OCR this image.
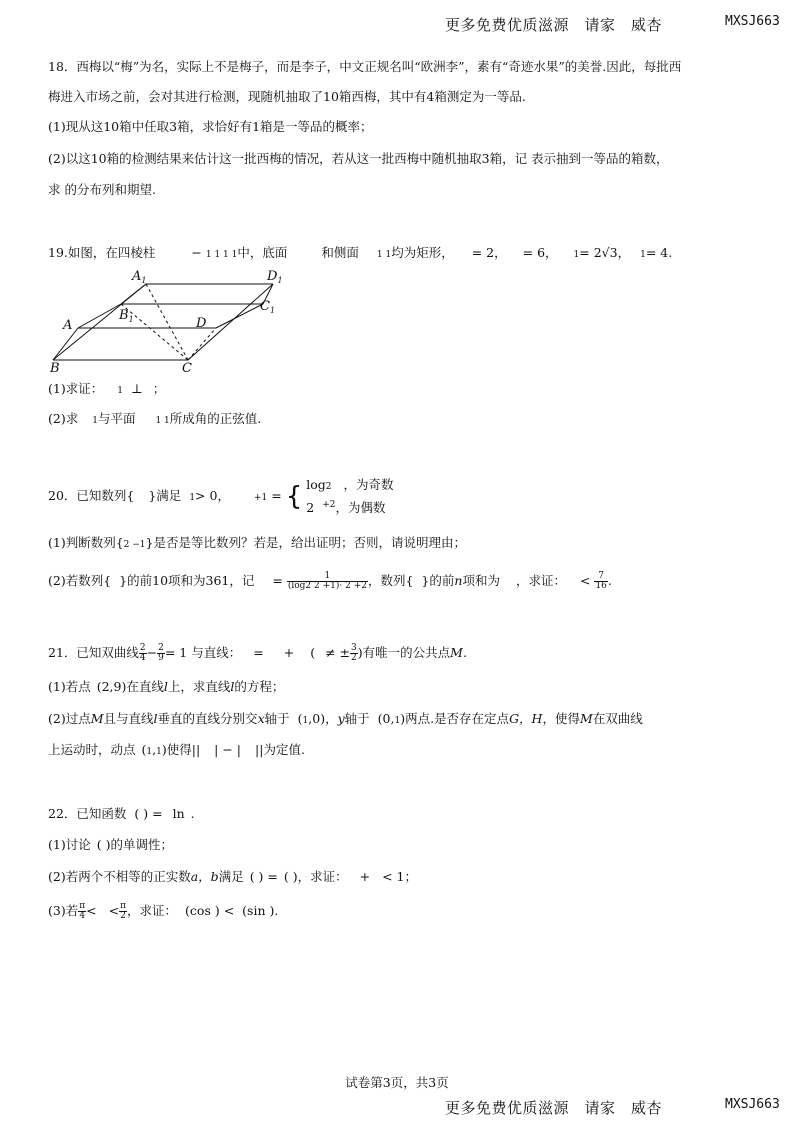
更多免费优质滋源　请家　威杏	MXSJ663
18．西梅以“梅”为名，实际上不是梅子，而是李子，中文正规名叫“欧洲李”，素有“奇迹水果”的美誉.因此，每批西
梅进入市场之前，会对其进行检测，现随机抽取了10箱西梅，其中有4箱测定为一等品.
(1)现从这10箱中任取3箱，求恰好有1箱是一等品的概率；
(2)以这10箱的检测结果来估计这一批西梅的情况，若从这一批西梅中随机抽取3箱，记 表示抽到一等品的箱数，
求 的分布列和期望.
19.如图，在四棱柱	− 1 1 1 1中，底面	和侧面 1 1均为矩形， = 2， = 6， 1= 2√3， 1= 4.
$A_1$	$D_1$
$B_1$
$C_1$
A	D
B	C
(1)求证： 1 ⊥ ；
(2)求 1与平面 1 1所成角的正弦值.
20．已知数列{ }满足 1> 0，	+1 = { log2 ，为奇数
2 $^{+2}$，为偶数
(1)判断数列{2 −1}是否是等比数列？若是，给出证明；否则，请说明理由；
(2)若数列{ }的前10项和为361，记 = $\frac{1}{(\log 2 2 +1)\cdot 2 +2}$ ，数列{ }的前n项和为 ，求证： < $\frac{7}{16}$ .
21．已知双曲线 $\frac{2}{4} - \frac{2}{9} = 1$ 与直线： = + ( ≠ ± $\frac{3}{2}$ )有唯一的公共点M.
(1)若点 (2,9)在直线l上，求直线l的方程；
(2)过点M且与直线l垂直的直线分别交x轴于 (1,0)，y轴于 (0,1)两点.是否存在定点G，H，使得M在双曲线
上运动时，动点 (1,1)使得|| | − | ||为定值.
22．已知函数 ( ) = ln .
(1)讨论 ( )的单调性；
(2)若两个不相等的正实数a，b满足 ( ) = ( )，求证： + < 1；
(3)若 $\frac{\pi}{4}$ < < $\frac{\pi}{2}$ ，求证： (cos ) < (sin ).
试卷第3页，共3页
更多免费优质滋源　请家　威杏	MXSJ663
